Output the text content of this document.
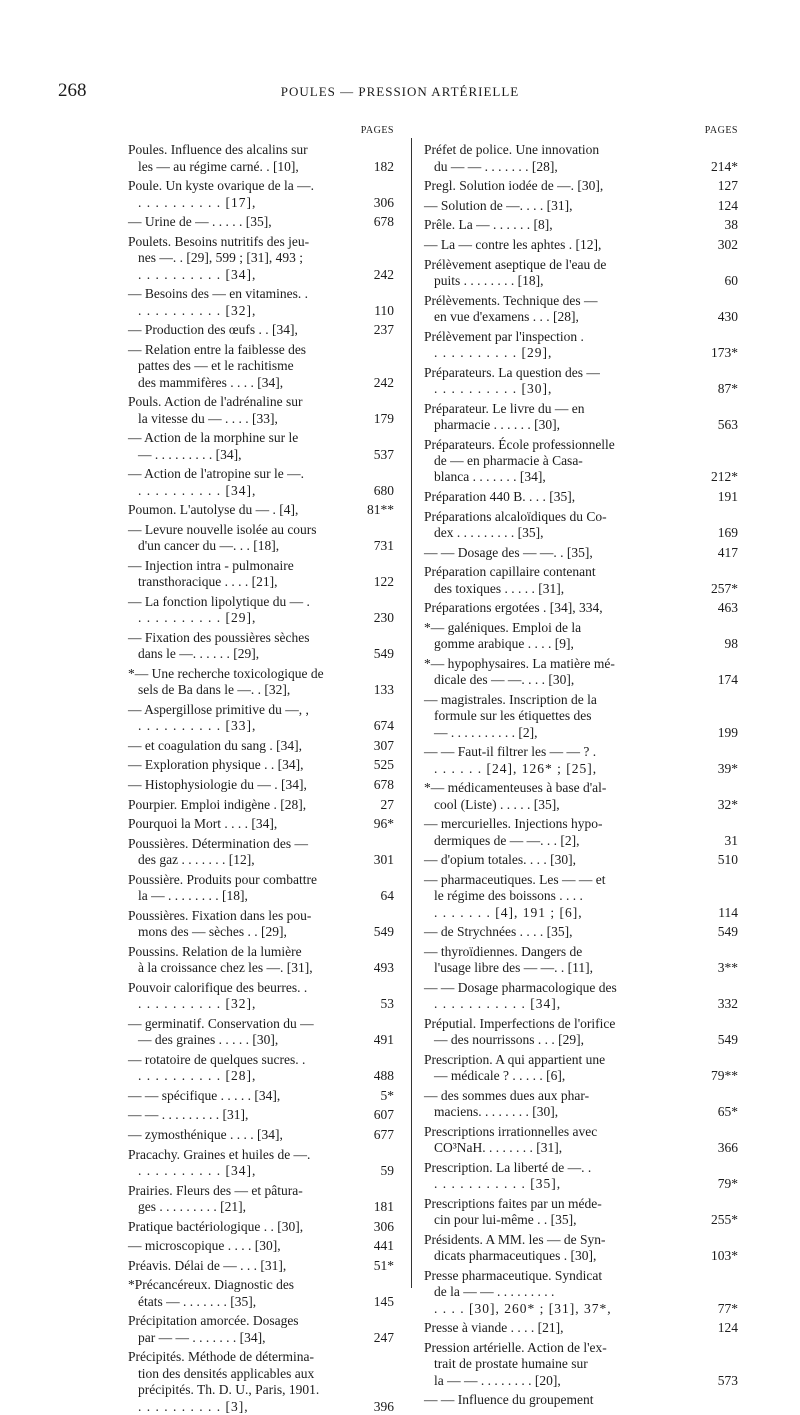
268	POULES — PRESSION ARTÉRIELLE
PAGES
Poules. Influence des alcalins sur
les — au régime carné. . [10],	182
Poule. Un kyste ovarique de la —.
. . . . . . . . . . [17],	306
— Urine de — . . . . . [35],	678
Poulets. Besoins nutritifs des jeu-
nes —. . [29], 599 ; [31], 493 ;
. . . . . . . . . . [34],	242
— Besoins des — en vitamines. .
. . . . . . . . . . [32],	110
— Production des œufs . . [34],	237
— Relation entre la faiblesse des
pattes des — et le rachitisme
des mammifères . . . . [34],	242
Pouls. Action de l'adrénaline sur
la vitesse du — . . . . [33],	179
— Action de la morphine sur le
— . . . . . . . . . [34],	537
— Action de l'atropine sur le —.
. . . . . . . . . . [34],	680
Poumon. L'autolyse du — . [4],	81**
— Levure nouvelle isolée au cours
d'un cancer du —. . . [18],	731
— Injection intra - pulmonaire
transthoracique . . . . [21],	122
— La fonction lipolytique du — .
. . . . . . . . . . [29],	230
— Fixation des poussières sèches
dans le —. . . . . . [29],	549
*— Une recherche toxicologique de
sels de Ba dans le —. . [32],	133
— Aspergillose primitive du —, ,
. . . . . . . . . . [33],	674
— et coagulation du sang . [34],	307
— Exploration physique . . [34],	525
— Histophysiologie du — . [34],	678
Pourpier. Emploi indigène . [28],	27
Pourquoi la Mort . . . . [34],	96*
Poussières. Détermination des —
des gaz . . . . . . . [12],	301
Poussière. Produits pour combattre
la — . . . . . . . . [18],	64
Poussières. Fixation dans les pou-
mons des — sèches . . [29],	549
Poussins. Relation de la lumière
à la croissance chez les —. [31],	493
Pouvoir calorifique des beurres. .
. . . . . . . . . . [32],	53
— germinatif. Conservation du —
— des graines . . . . . [30],	491
— rotatoire de quelques sucres. .
. . . . . . . . . . [28],	488
— — spécifique . . . . . [34],	5*
— — . . . . . . . . . [31],	607
— zymosthénique . . . . [34],	677
Pracachy. Graines et huiles de —.
. . . . . . . . . . [34],	59
Prairies. Fleurs des — et pâtura-
ges . . . . . . . . . [21],	181
Pratique bactériologique . . [30],	306
— microscopique . . . . [30],	441
Préavis. Délai de — . . . [31],	51*
*Précancéreux. Diagnostic des
états — . . . . . . . [35],	145
Précipitation amorcée. Dosages
par — — . . . . . . . [34],	247
Précipités. Méthode de détermina-
tion des densités applicables aux
précipités. Th. D. U., Paris, 1901.
. . . . . . . . . . [3],	396
PAGES
Préfet de police. Une innovation
du — — . . . . . . . [28],	214*
Pregl. Solution iodée de —. [30],	127
— Solution de —. . . . [31],	124
Prêle. La — . . . . . . [8],	38
— La — contre les aphtes . [12],	302
Prélèvement aseptique de l'eau de
puits . . . . . . . . [18],	60
Prélèvements. Technique des —
en vue d'examens . . . [28],	430
Prélèvement par l'inspection .
. . . . . . . . . . [29],	173*
Préparateurs. La question des —
. . . . . . . . . . [30],	87*
Préparateur. Le livre du — en
pharmacie . . . . . . [30],	563
Préparateurs. École professionnelle
de — en pharmacie à Casa-
blanca . . . . . . . [34],	212*
Préparation 440 B. . . . [35],	191
Préparations alcaloïdiques du Co-
dex . . . . . . . . . [35],	169
— — Dosage des — —. . [35],	417
Préparation capillaire contenant
des toxiques . . . . . [31],	257*
Préparations ergotées . [34], 334,	463
*— galéniques. Emploi de la
gomme arabique . . . . [9],	98
*— hypophysaires. La matière mé-
dicale des — —. . . . [30],	174
— magistrales. Inscription de la
formule sur les étiquettes des
— . . . . . . . . . . [2],	199
— — Faut-il filtrer les — — ? .
. . . . . . [24], 126* ; [25],	39*
*— médicamenteuses à base d'al-
cool (Liste) . . . . . [35],	32*
— mercurielles. Injections hypo-
dermiques de — —. . . [2],	31
— d'opium totales. . . . [30],	510
— pharmaceutiques. Les — — et
le régime des boissons . . . .
. . . . . . . [4], 191 ; [6],	114
— de Strychnées . . . . [35],	549
— thyroïdiennes. Dangers de
l'usage libre des — —. . [11],	3**
— — Dosage pharmacologique des
. . . . . . . . . . . [34],	332
Préputial. Imperfections de l'orifice
— des nourrissons . . . [29],	549
Prescription. A qui appartient une
— médicale ? . . . . . [6],	79**
— des sommes dues aux phar-
maciens. . . . . . . . [30],	65*
Prescriptions irrationnelles avec
CO³NaH. . . . . . . . [31],	366
Prescription. La liberté de —. .
. . . . . . . . . . . [35],	79*
Prescriptions faites par un méde-
cin pour lui-même . . [35],	255*
Présidents. A MM. les — de Syn-
dicats pharmaceutiques . [30],	103*
Presse pharmaceutique. Syndicat
de la — — . . . . . . . . .
. . . . [30], 260* ; [31], 37*,	77*
Presse à viande . . . . [21],	124
Pression artérielle. Action de l'ex-
trait de prostate humaine sur
la — — . . . . . . . . [20],	573
— — Influence du groupement
